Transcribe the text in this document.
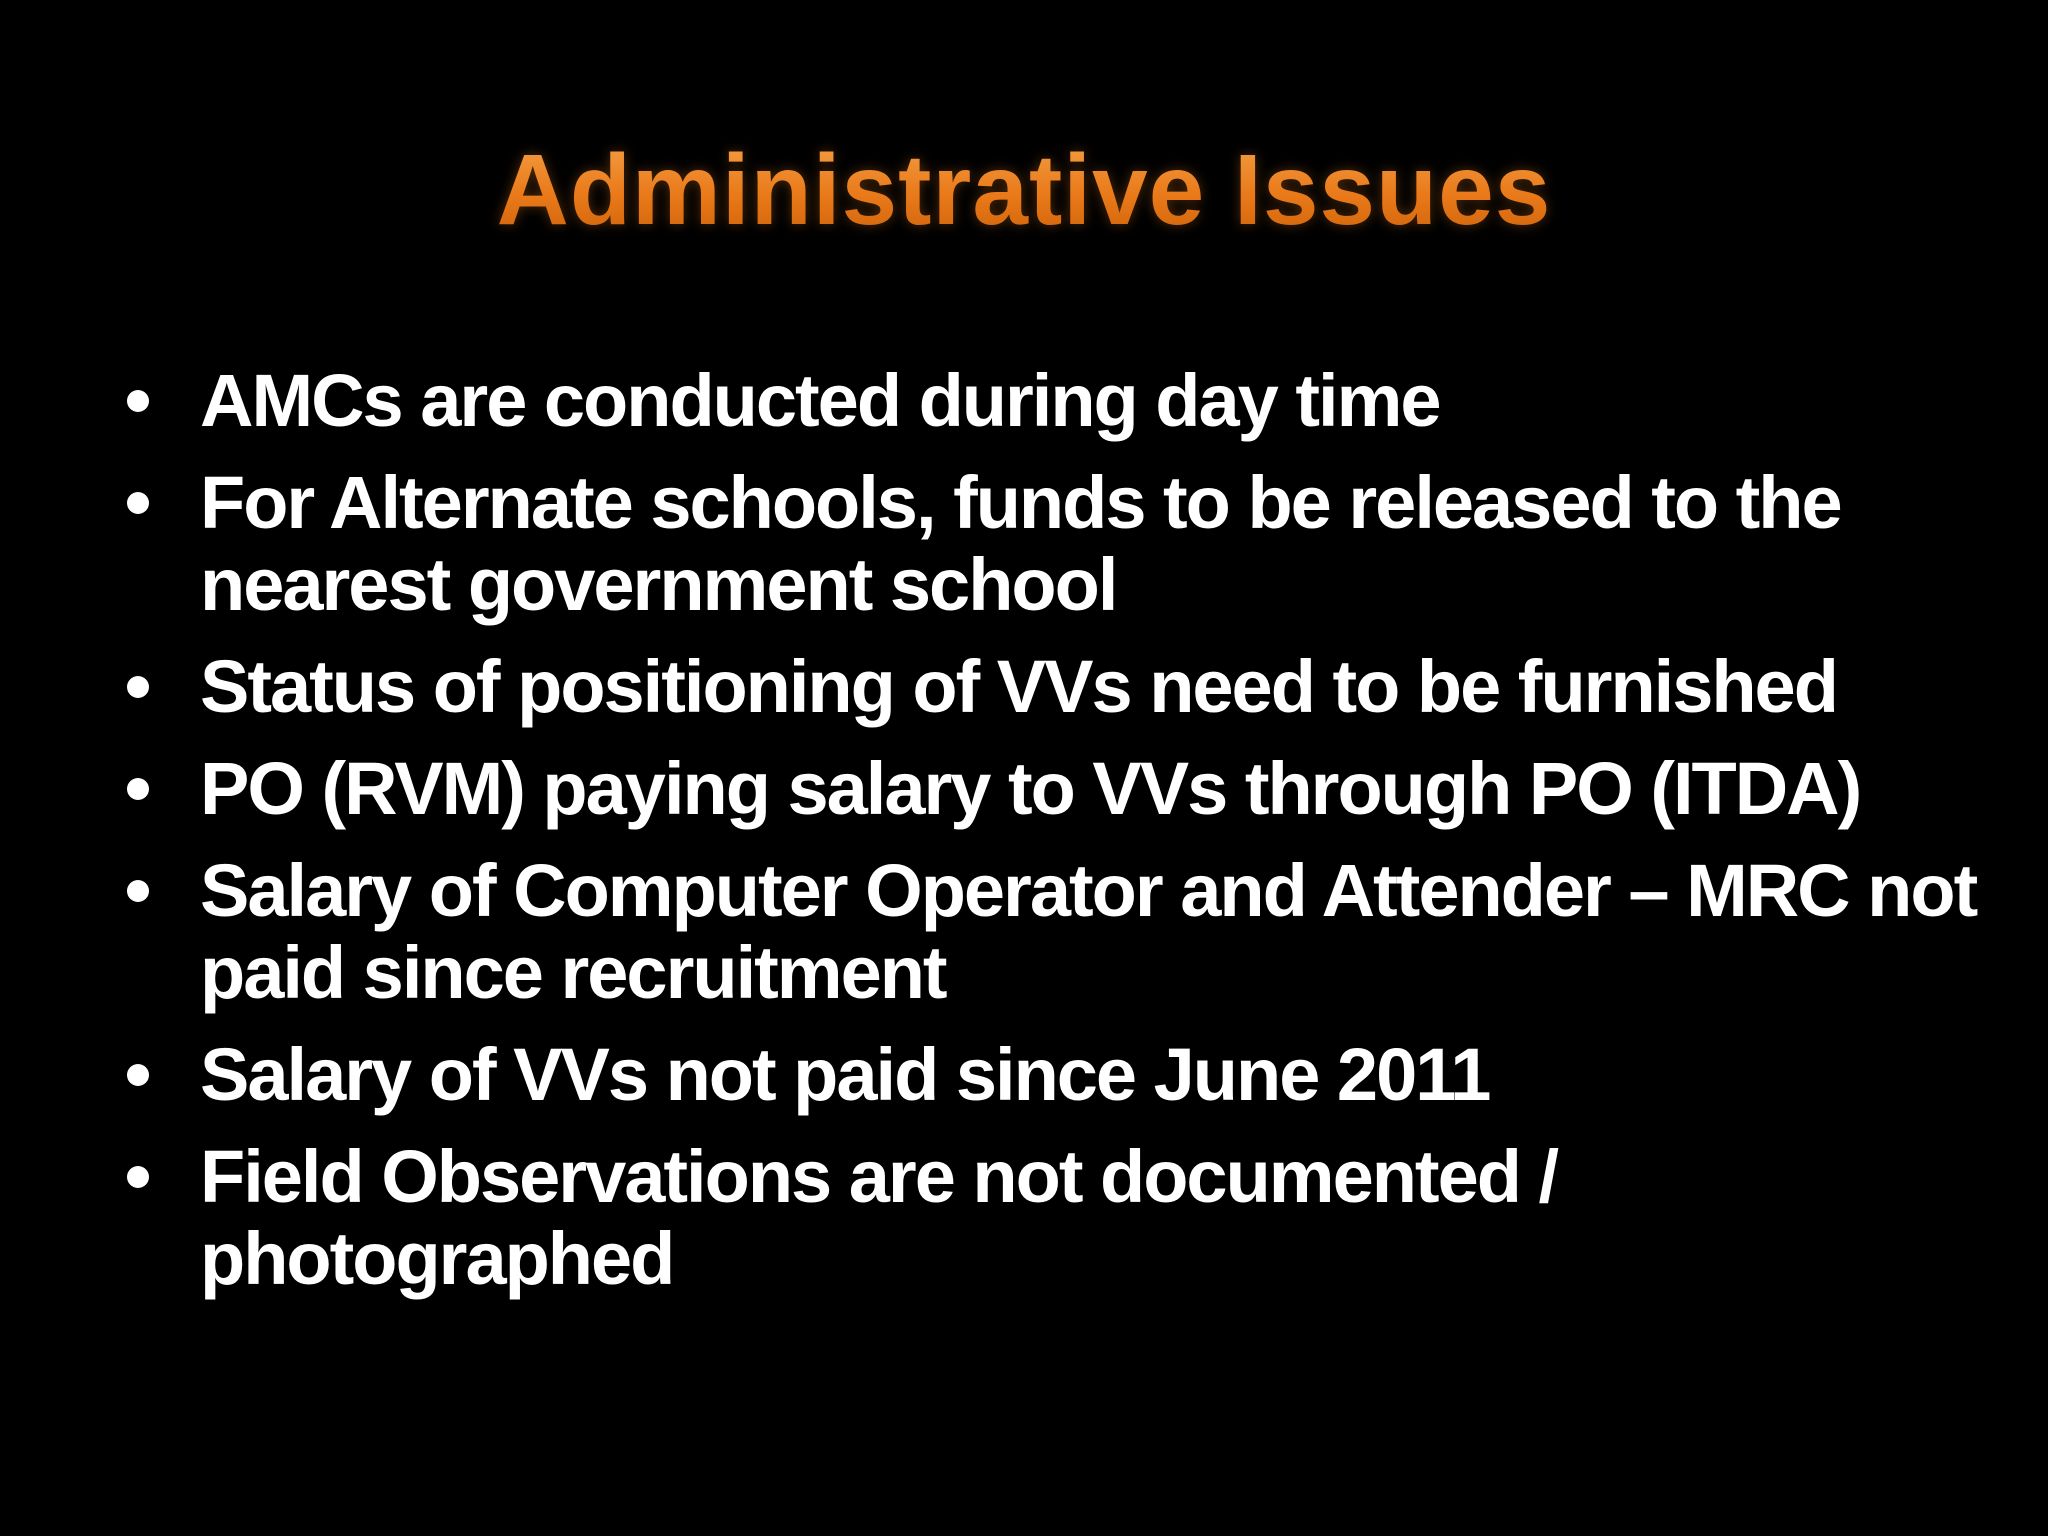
Administrative Issues
AMCs are conducted during day time
For Alternate schools, funds to be released to the nearest government school
Status of positioning of VVs need to be furnished
PO (RVM) paying salary to VVs through PO (ITDA)
Salary of Computer Operator and Attender – MRC not paid since recruitment
Salary of VVs not paid since June 2011
Field Observations are not documented / photographed
